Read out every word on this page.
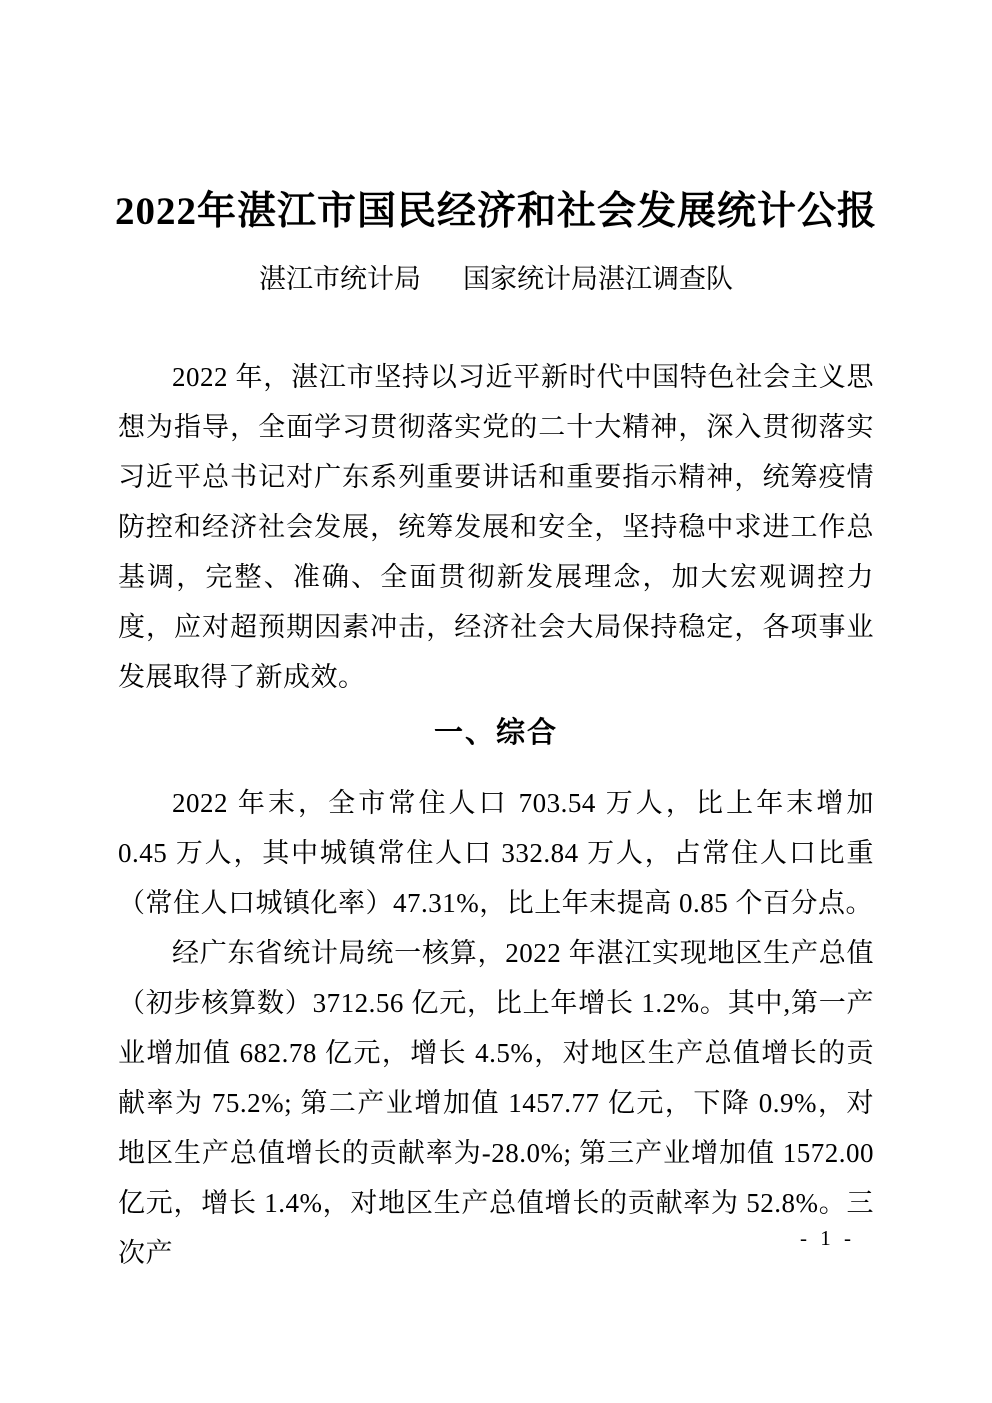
2022年湛江市国民经济和社会发展统计公报
湛江市统计局 国家统计局湛江调查队

2022 年，湛江市坚持以习近平新时代中国特色社会主义思想为指导，全面学习贯彻落实党的二十大精神，深入贯彻落实习近平总书记对广东系列重要讲话和重要指示精神，统筹疫情防控和经济社会发展，统筹发展和安全，坚持稳中求进工作总基调，完整、准确、全面贯彻新发展理念，加大宏观调控力度，应对超预期因素冲击，经济社会大局保持稳定，各项事业发展取得了新成效。

一、综合

2022 年末，全市常住人口 703.54 万人，比上年末增加 0.45 万人，其中城镇常住人口 332.84 万人，占常住人口比重（常住人口城镇化率）47.31%，比上年末提高 0.85 个百分点。

经广东省统计局统一核算，2022 年湛江实现地区生产总值（初步核算数）3712.56 亿元，比上年增长 1.2%。其中,第一产业增加值 682.78 亿元，增长 4.5%，对地区生产总值增长的贡献率为 75.2%; 第二产业增加值 1457.77 亿元，下降 0.9%，对地区生产总值增长的贡献率为-28.0%; 第三产业增加值 1572.00 亿元，增长 1.4%，对地区生产总值增长的贡献率为 52.8%。三次产	- 1 -
